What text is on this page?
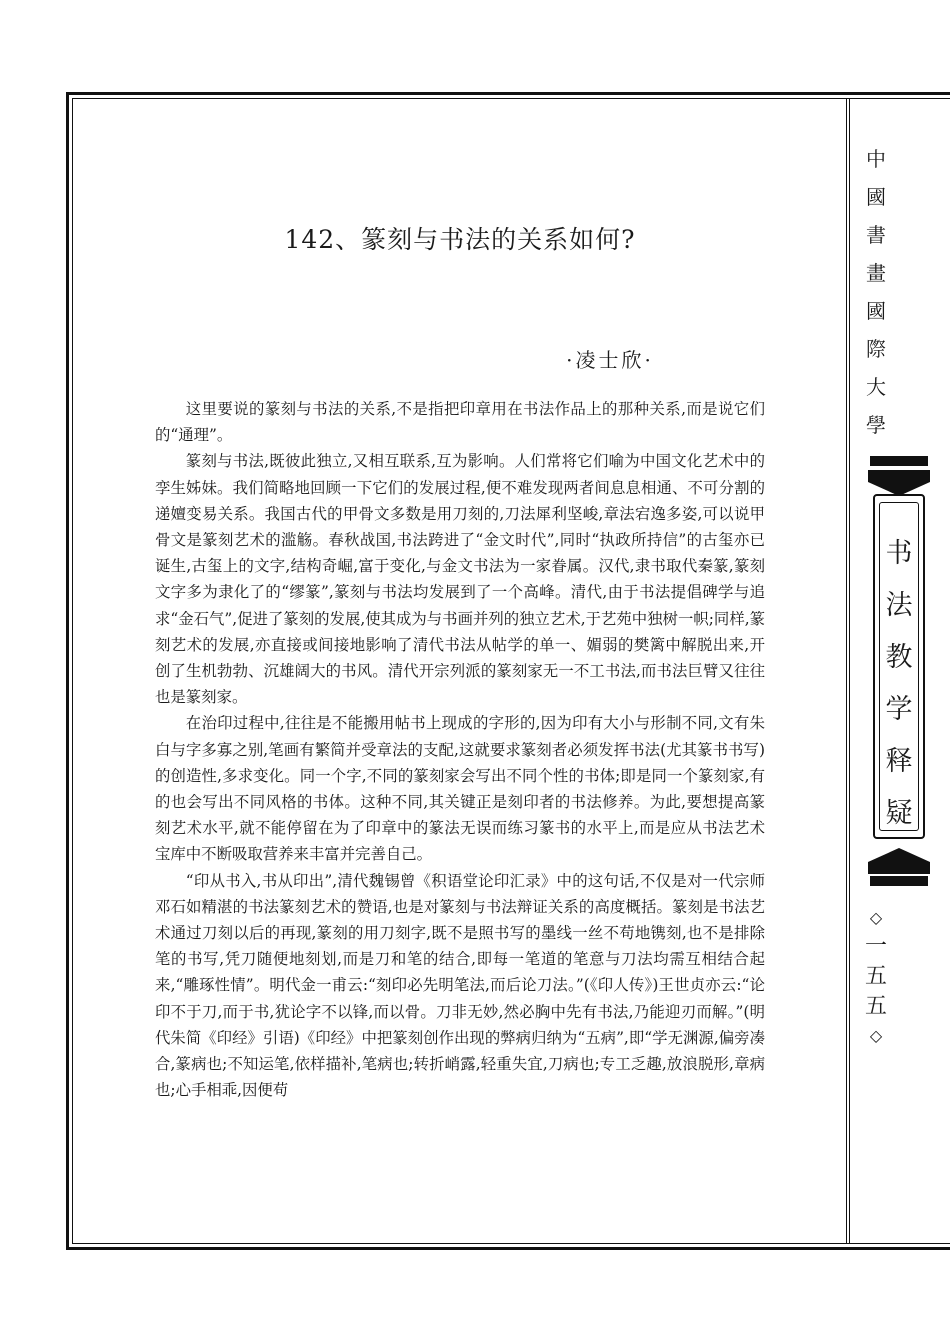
142、篆刻与书法的关系如何?
·凌士欣·

这里要说的篆刻与书法的关系,不是指把印章用在书法作品上的那种关系,而是说它们的“通理”。

篆刻与书法,既彼此独立,又相互联系,互为影响。人们常将它们喻为中国文化艺术中的孪生姊妹。我们简略地回顾一下它们的发展过程,便不难发现两者间息息相通、不可分割的递嬗变易关系。我国古代的甲骨文多数是用刀刻的,刀法犀利坚峻,章法宕逸多姿,可以说甲骨文是篆刻艺术的滥觞。春秋战国,书法跨进了“金文时代”,同时“执政所持信”的古玺亦已诞生,古玺上的文字,结构奇崛,富于变化,与金文书法为一家眷属。汉代,隶书取代秦篆,篆刻文字多为隶化了的“缪篆”,篆刻与书法均发展到了一个高峰。清代,由于书法提倡碑学与追求“金石气”,促进了篆刻的发展,使其成为与书画并列的独立艺术,于艺苑中独树一帜;同样,篆刻艺术的发展,亦直接或间接地影响了清代书法从帖学的单一、媚弱的樊篱中解脱出来,开创了生机勃勃、沉雄阔大的书风。清代开宗列派的篆刻家无一不工书法,而书法巨臂又往往也是篆刻家。

在治印过程中,往往是不能搬用帖书上现成的字形的,因为印有大小与形制不同,文有朱白与字多寡之别,笔画有繁简并受章法的支配,这就要求篆刻者必须发挥书法(尤其篆书书写)的创造性,多求变化。同一个字,不同的篆刻家会写出不同个性的书体;即是同一个篆刻家,有的也会写出不同风格的书体。这种不同,其关键正是刻印者的书法修养。为此,要想提高篆刻艺术水平,就不能停留在为了印章中的篆法无误而练习篆书的水平上,而是应从书法艺术宝库中不断吸取营养来丰富并完善自己。

“印从书入,书从印出”,清代魏锡曾《积语堂论印汇录》中的这句话,不仅是对一代宗师邓石如精湛的书法篆刻艺术的赞语,也是对篆刻与书法辩证关系的高度概括。篆刻是书法艺术通过刀刻以后的再现,篆刻的用刀刻字,既不是照书写的墨线一丝不苟地镌刻,也不是排除笔的书写,凭刀随便地刻划,而是刀和笔的结合,即每一笔道的笔意与刀法均需互相结合起来,“雕琢性情”。明代金一甫云:“刻印必先明笔法,而后论刀法。”(《印人传》)王世贞亦云:“论印不于刀,而于书,犹论字不以锋,而以骨。刀非无妙,然必胸中先有书法,乃能迎刃而解。”(明代朱简《印经》引语)《印经》中把篆刻创作出现的弊病归纳为“五病”,即“学无渊源,偏旁凑合,篆病也;不知运笔,依样描补,笔病也;转折峭露,轻重失宜,刀病也;专工乏趣,放浪脱形,章病也;心手相乖,因便苟

中國書畫國際大學
书法教学释疑
◇
一五五
◇
